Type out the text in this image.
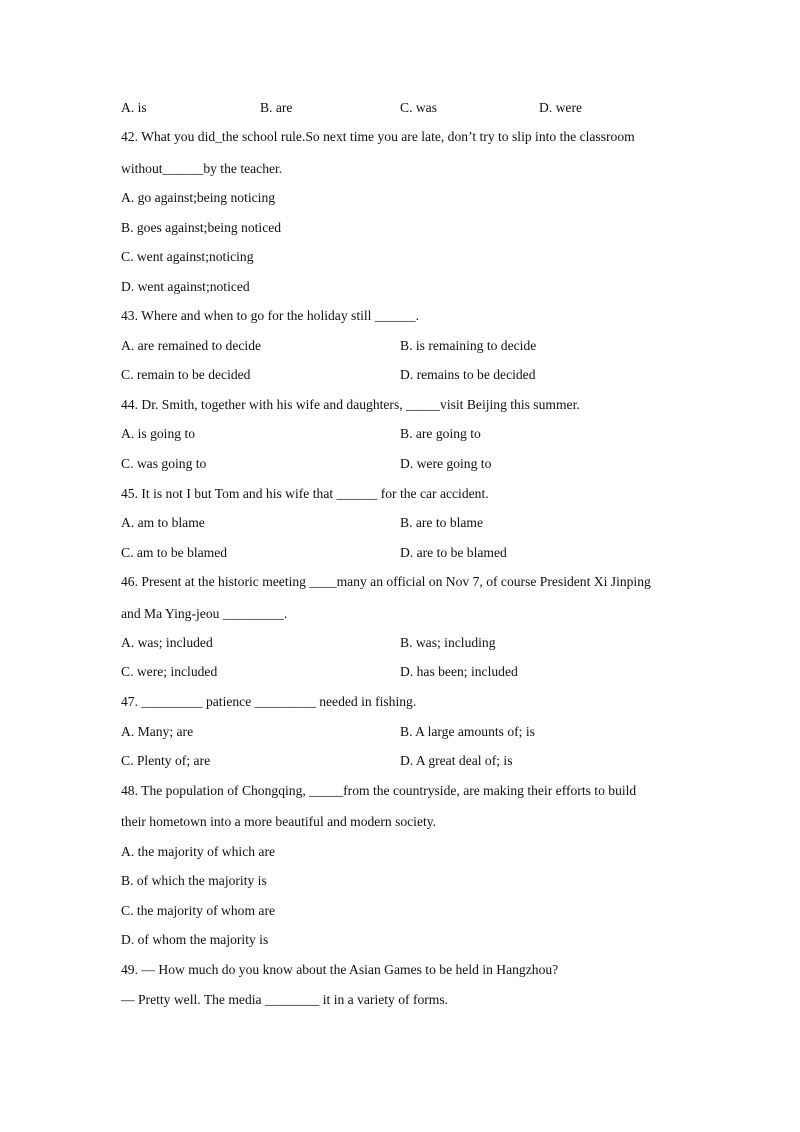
A. is	B. are	C. was	D. were
42. What you did_the school rule.So next time you are late, don’t try to slip into the classroom
without______by the teacher.
A. go against;being noticing
B. goes against;being noticed
C. went against;noticing
D. went against;noticed
43. Where and when to go for the holiday still ______.
A. are remained to decide	B. is remaining to decide
C. remain to be decided	D. remains to be decided
44. Dr. Smith, together with his wife and daughters, _____visit Beijing this summer.
A. is going to	B. are going to
C. was going to	D. were going to
45. It is not I but Tom and his wife that ______ for the car accident.
A. am to blame	B. are to blame
C. am to be blamed	D. are to be blamed
46. Present at the historic meeting ____many an official on Nov 7, of course President Xi Jinping
and Ma Ying-jeou _________.
A. was; included	B. was; including
C. were; included	D. has been; included
47. _________ patience _________ needed in fishing.
A. Many; are	B. A large amounts of; is
C. Plenty of; are	D. A great deal of; is
48. The population of Chongqing, _____from the countryside, are making their efforts to build
their hometown into a more beautiful and modern society.
A. the majority of which are
B. of which the majority is
C. the majority of whom are
D. of whom the majority is
49. — How much do you know about the Asian Games to be held in Hangzhou?
— Pretty well. The media ________ it in a variety of forms.
